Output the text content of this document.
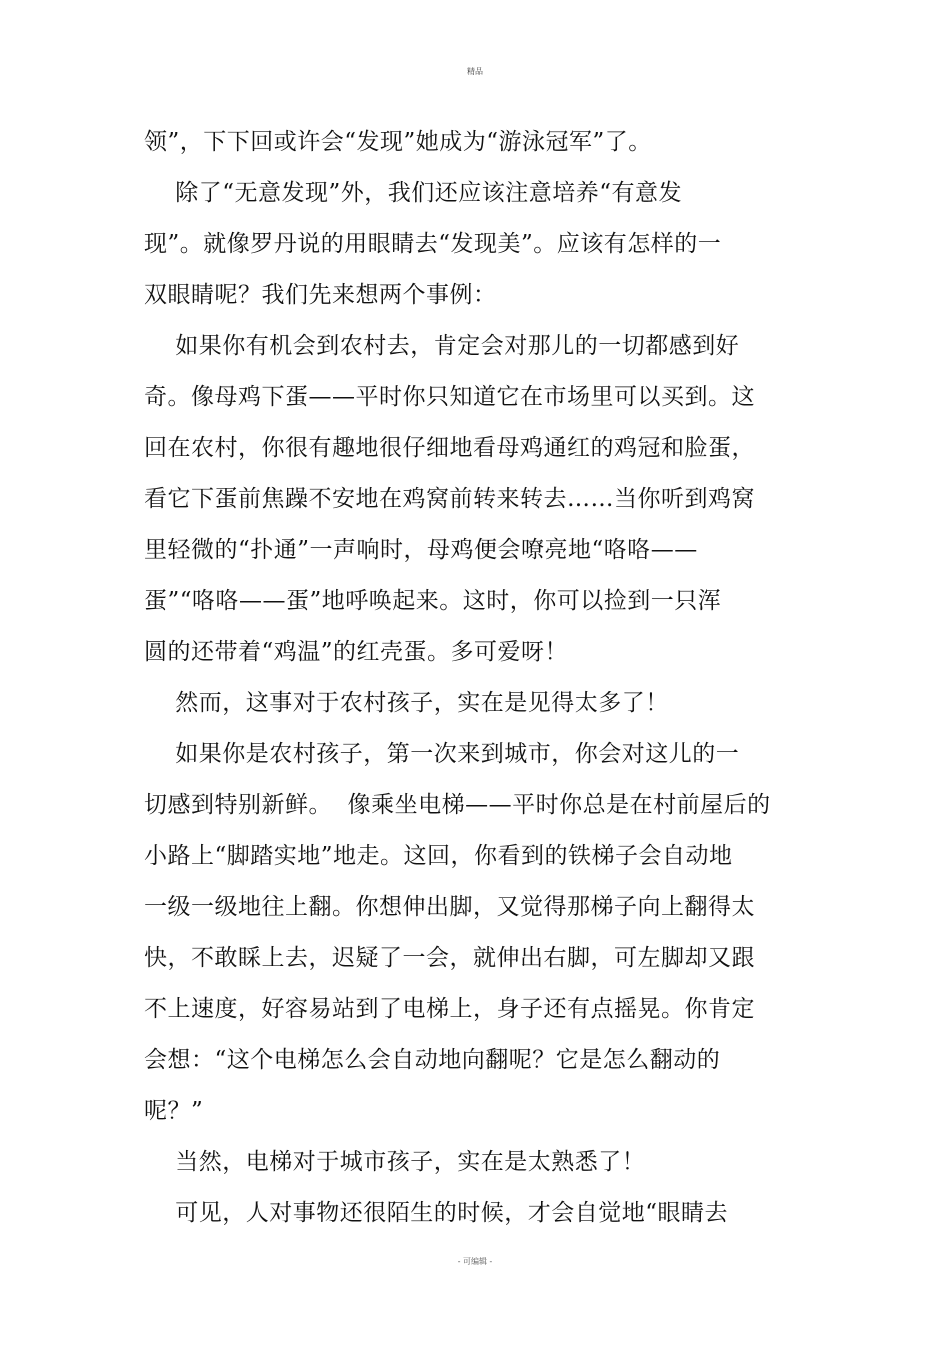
精品
领”，下下回或许会“发现”她成为“游泳冠军”了。
除了“无意发现”外，我们还应该注意培养“有意发
现”。就像罗丹说的用眼睛去“发现美”。应该有怎样的一
双眼睛呢？我们先来想两个事例：
如果你有机会到农村去，肯定会对那儿的一切都感到好
奇。像母鸡下蛋——平时你只知道它在市场里可以买到。这
回在农村，你很有趣地很仔细地看母鸡通红的鸡冠和脸蛋，
看它下蛋前焦躁不安地在鸡窝前转来转去……当你听到鸡窝
里轻微的“扑通”一声响时，母鸡便会嘹亮地“咯咯——
蛋”“咯咯——蛋”地呼唤起来。这时，你可以捡到一只浑
圆的还带着“鸡温”的红壳蛋。多可爱呀！
然而，这事对于农村孩子，实在是见得太多了！
如果你是农村孩子，第一次来到城市，你会对这儿的一
切感到特别新鲜。  像乘坐电梯——平时你总是在村前屋后的
小路上“脚踏实地”地走。这回，你看到的铁梯子会自动地
一级一级地往上翻。你想伸出脚，又觉得那梯子向上翻得太
快，不敢睬上去，迟疑了一会，就伸出右脚，可左脚却又跟
不上速度，好容易站到了电梯上，身子还有点摇晃。你肯定
会想：“这个电梯怎么会自动地向翻呢？它是怎么翻动的
呢？”
当然，电梯对于城市孩子，实在是太熟悉了！
可见，人对事物还很陌生的时候，才会自觉地“眼睛去
- 可编辑 -
